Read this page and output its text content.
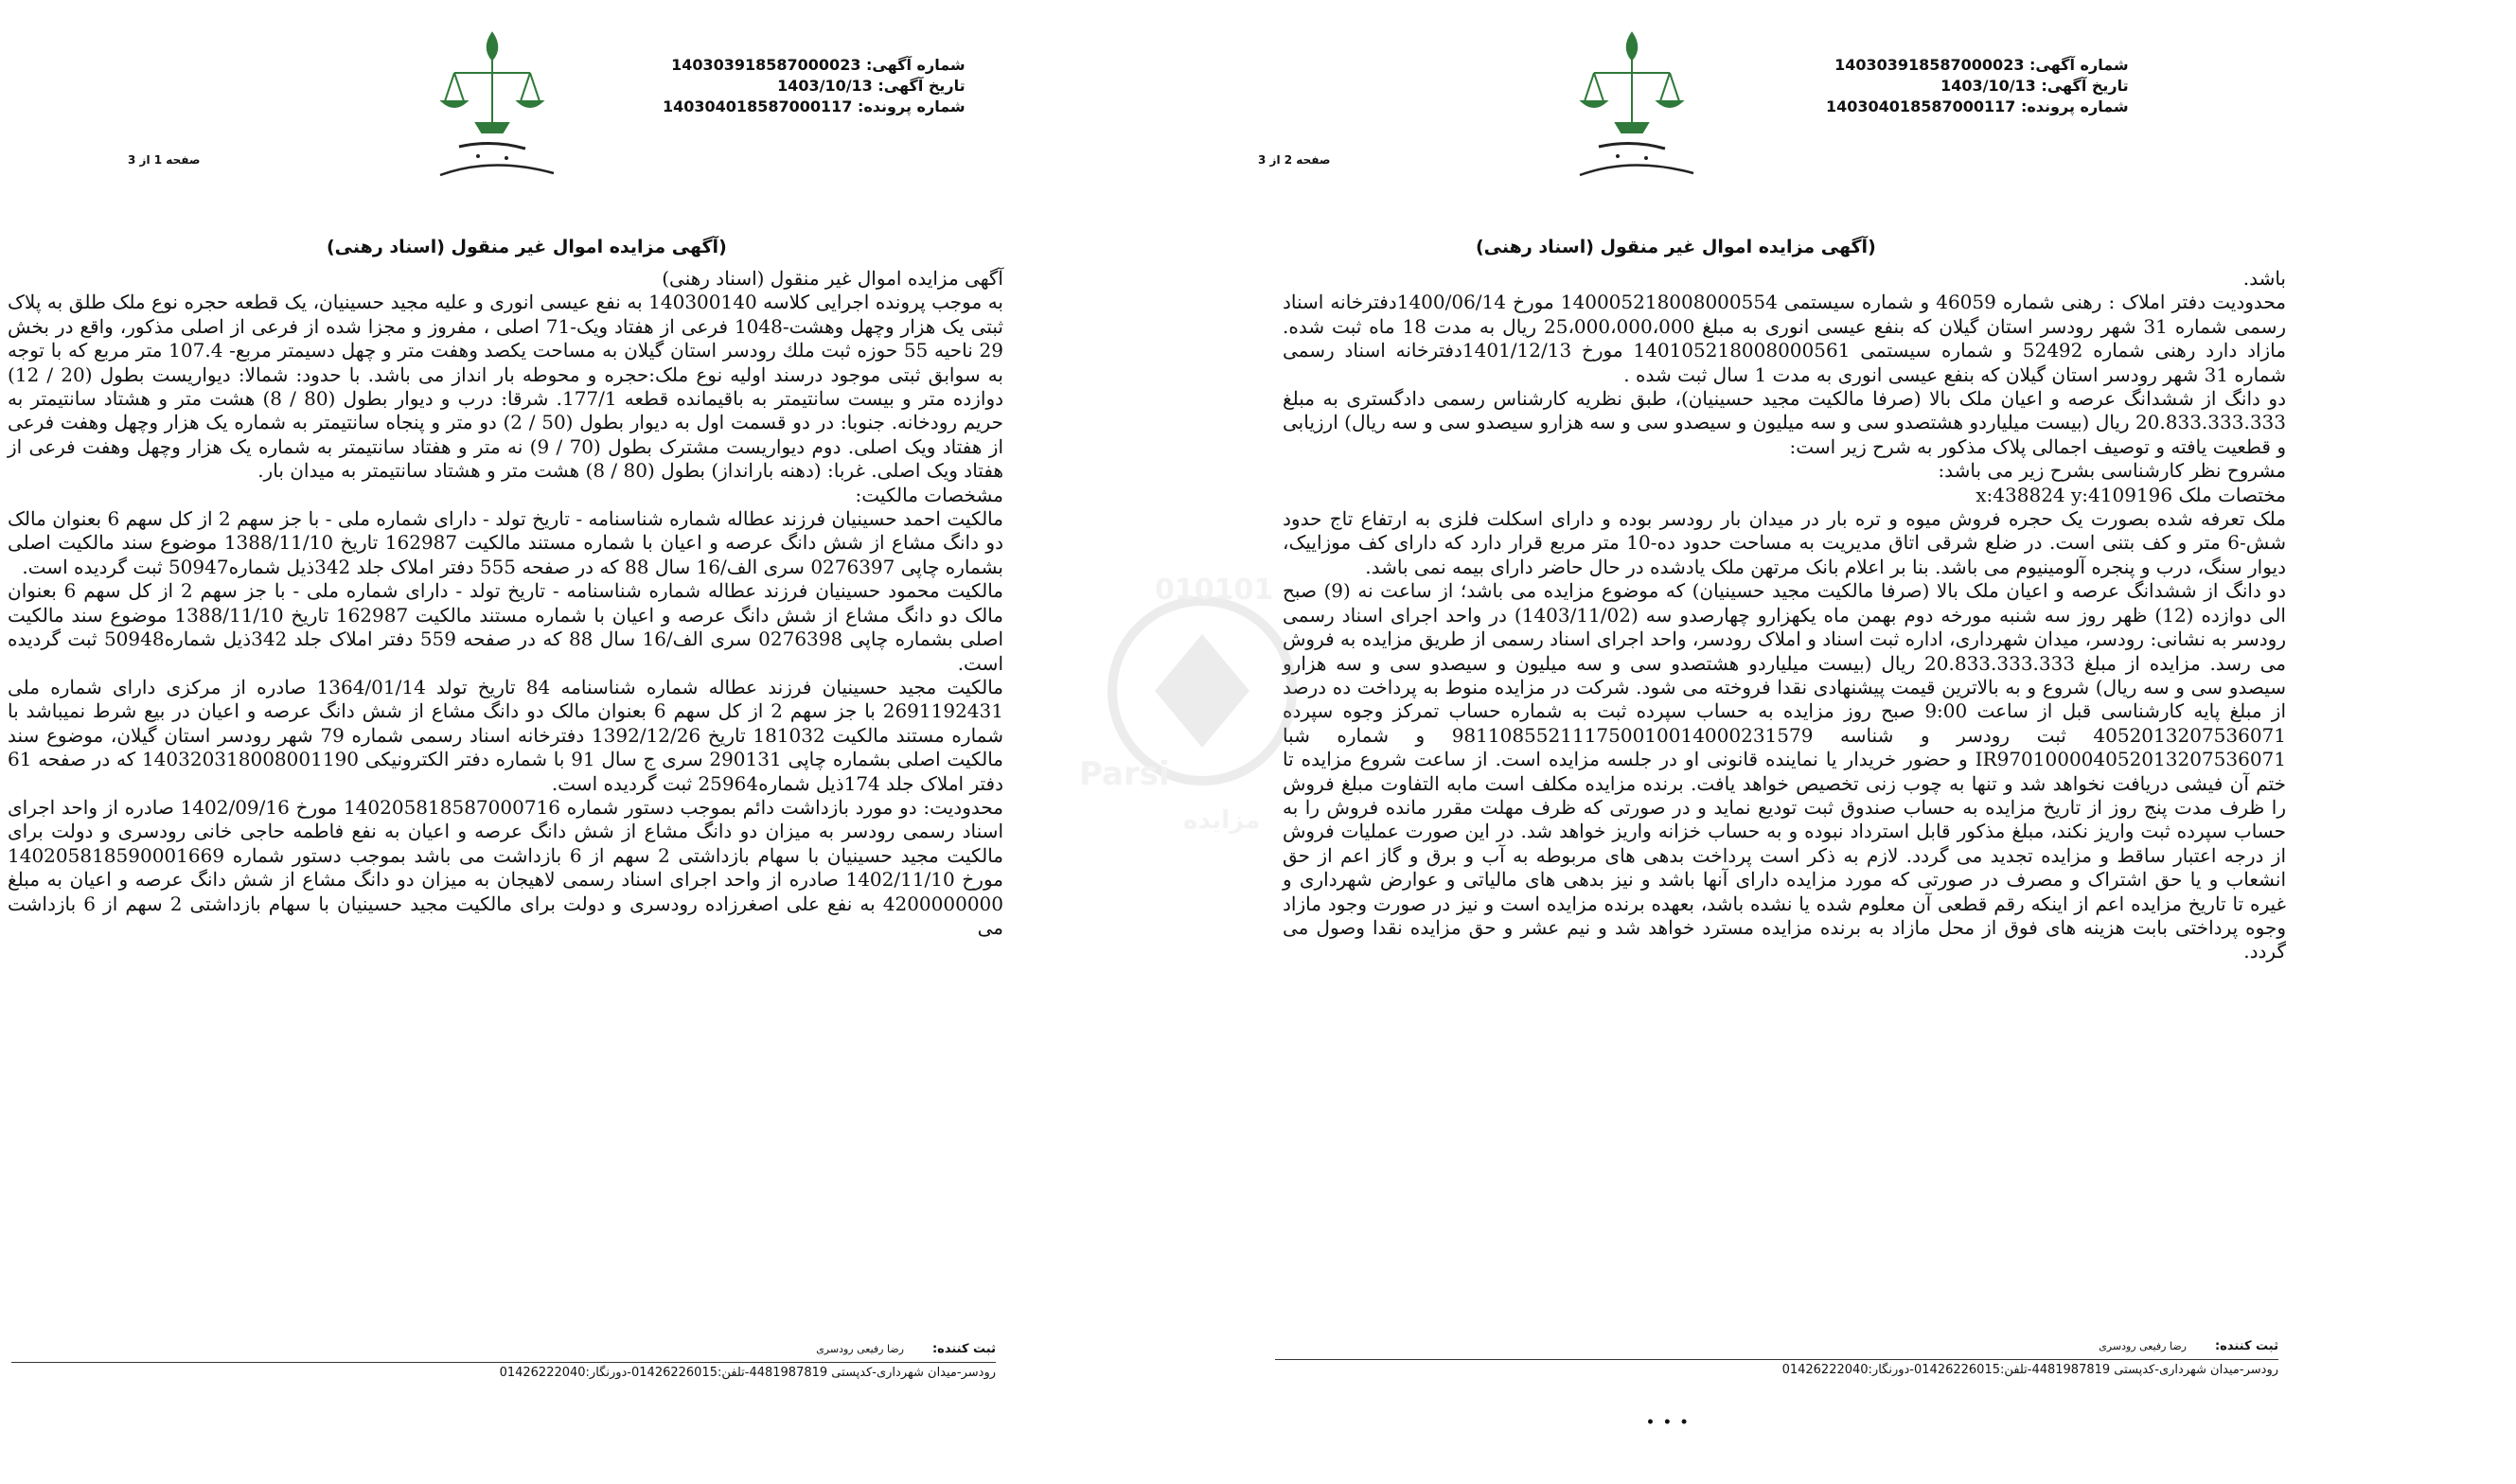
شماره آگهی: 140303918587000023
تاریخ آگهی: 1403/10/13
شماره پرونده: 140304018587000117
صفحه 1 از 3
(آگهی مزایده اموال غیر منقول (اسناد رهنی)

آگهی مزایده اموال غیر منقول (اسناد رهنی)

به موجب پرونده اجرایی کلاسه 140300140 به نفع عیسی انوری و علیه مجید حسینیان، یک قطعه حجره نوع ملک طلق به پلاک ثبتی یک هزار وچهل وهشت-1048 فرعی از هفتاد ویک-71 اصلی ، مفروز و مجزا شده از فرعی از اصلی مذکور، واقع در بخش 29 ناحیه 55 حوزه ثبت ملك رودسر استان گیلان به مساحت یکصد وهفت متر و چهل دسیمتر مربع- 107.4 متر مربع که با توجه به سوابق ثبتی موجود درسند اولیه نوع ملک:حجره و محوطه بار انداز می باشد. با حدود: شمالا: دیواریست بطول (20 / 12) دوازده متر و بیست سانتیمتر به باقیمانده قطعه 177/1. شرقا: درب و دیوار بطول (80 / 8) هشت متر و هشتاد سانتیمتر به حریم رودخانه. جنوبا: در دو قسمت اول به دیوار بطول (50 / 2) دو متر و پنجاه سانتیمتر به شماره یک هزار وچهل وهفت فرعی از هفتاد ویک اصلی. دوم دیواریست مشترک بطول (70 / 9) نه متر و هفتاد سانتیمتر به شماره یک هزار وچهل وهفت فرعی از هفتاد ویک اصلی. غربا: (دهنه بارانداز) بطول (80 / 8) هشت متر و هشتاد سانتیمتر به میدان بار.

مشخصات مالکیت:

مالکیت احمد حسینیان فرزند عطاله شماره شناسنامه - تاریخ تولد - دارای شماره ملی - با جز سهم 2 از کل سهم 6 بعنوان مالک دو دانگ مشاع از شش دانگ عرصه و اعیان با شماره مستند مالکیت 162987 تاریخ 1388/11/10 موضوع سند مالکیت اصلی بشماره چاپی 0276397 سری الف/16 سال 88 که در صفحه 555 دفتر املاک جلد 342ذیل شماره50947 ثبت گردیده است.

مالکیت محمود حسینیان فرزند عطاله شماره شناسنامه - تاریخ تولد - دارای شماره ملی - با جز سهم 2 از کل سهم 6 بعنوان مالک دو دانگ مشاع از شش دانگ عرصه و اعیان با شماره مستند مالکیت 162987 تاریخ 1388/11/10 موضوع سند مالکیت اصلی بشماره چاپی 0276398 سری الف/16 سال 88 که در صفحه 559 دفتر املاک جلد 342ذیل شماره50948 ثبت گردیده است.

مالکیت مجید حسینیان فرزند عطاله شماره شناسنامه 84 تاریخ تولد 1364/01/14 صادره از مرکزی دارای شماره ملی 2691192431 با جز سهم 2 از کل سهم 6 بعنوان مالک دو دانگ مشاع از شش دانگ عرصه و اعیان در بیع شرط نمیباشد با شماره مستند مالکیت 181032 تاریخ 1392/12/26 دفترخانه اسناد رسمی شماره 79 شهر رودسر استان گیلان، موضوع سند مالکیت اصلی بشماره چاپی 290131 سری ج سال 91 با شماره دفتر الکترونیکی 140320318008001190 که در صفحه 61 دفتر املاک جلد 174ذیل شماره25964 ثبت گردیده است.

محدودیت: دو مورد بازداشت دائم بموجب دستور شماره 140205818587000716 مورخ 1402/09/16 صادره از واحد اجرای اسناد رسمی رودسر به میزان دو دانگ مشاع از شش دانگ عرصه و اعیان به نفع فاطمه حاجی خانی رودسری و دولت برای مالکیت مجید حسینیان با سهام بازداشتی 2 سهم از 6 بازداشت می باشد بموجب دستور شماره 140205818590001669 مورخ 1402/11/10 صادره از واحد اجرای اسناد رسمی لاهیجان به میزان دو دانگ مشاع از شش دانگ عرصه و اعیان به مبلغ 4200000000 به نفع علی اصغرزاده رودسری و دولت برای مالکیت مجید حسینیان با سهام بازداشتی 2 سهم از 6 بازداشت می

ثبت کننده:
رضا رفیعی رودسری
رودسر-میدان شهرداری-کدپستی 4481987819-تلفن:01426226015-دورنگار:01426222040
شماره آگهی: 140303918587000023
تاریخ آگهی: 1403/10/13
شماره پرونده: 140304018587000117
صفحه 2 از 3
(آگهی مزایده اموال غیر منقول (اسناد رهنی)

باشد.

محدودیت دفتر املاک : رهنی شماره 46059 و شماره سیستمی 140005218008000554 مورخ 1400/06/14دفترخانه اسناد رسمی شماره 31 شهر رودسر استان گیلان که بنفع عیسی انوری به مبلغ 25،000،000،000 ریال به مدت 18 ماه ثبت شده. مازاد دارد رهنی شماره 52492 و شماره سیستمی 140105218008000561 مورخ 1401/12/13دفترخانه اسناد رسمی شماره 31 شهر رودسر استان گیلان که بنفع عیسی انوری به مدت 1 سال ثبت شده .

دو دانگ از ششدانگ عرصه و اعیان ملک بالا (صرفا مالکیت مجید حسینیان)، طبق نظریه کارشناس رسمی دادگستری به مبلغ 20.833.333.333 ریال (بیست میلیاردو هشتصدو سی و سه میلیون و سیصدو سی و سه هزارو سیصدو سی و سه ریال) ارزیابی و قطعیت یافته و توصیف اجمالی پلاک مذکور به شرح زیر است:

مشروح نظر کارشناسی بشرح زیر می باشد:

مختصات ملک x:438824 y:4109196

ملک تعرفه شده بصورت یک حجره فروش میوه و تره بار در میدان بار رودسر بوده و دارای اسکلت فلزی به ارتفاع تاج حدود شش-6 متر و کف بتنی است. در ضلع شرقی اتاق مدیریت به مساحت حدود ده-10 متر مربع قرار دارد که دارای کف موزاییک، دیوار سنگ، درب و پنجره آلومینیوم می باشد. بنا بر اعلام بانک مرتهن ملک یادشده در حال حاضر دارای بیمه نمی باشد.

دو دانگ از ششدانگ عرصه و اعیان ملک بالا (صرفا مالکیت مجید حسینیان) که موضوع مزایده می باشد؛ از ساعت نه (9) صبح الی دوازده (12) ظهر روز سه شنبه مورخه دوم بهمن ماه یکهزارو چهارصدو سه (1403/11/02) در واحد اجرای اسناد رسمی رودسر به نشانی: رودسر، میدان شهرداری، اداره ثبت اسناد و املاک رودسر، واحد اجرای اسناد رسمی از طریق مزایده به فروش می رسد. مزایده از مبلغ 20.833.333.333 ریال (بیست میلیاردو هشتصدو سی و سه میلیون و سیصدو سی و سه هزارو سیصدو سی و سه ریال) شروع و به بالاترین قیمت پیشنهادی نقدا فروخته می شود. شرکت در مزایده منوط به پرداخت ده درصد از مبلغ پایه کارشناسی قبل از ساعت 9:00 صبح روز مزایده به حساب سپرده ثبت به شماره حساب تمرکز وجوه سپرده 4052013207536071 ثبت رودسر و شناسه 981108552111750010014000231579 و شماره شبا IR970100004052013207536071 و حضور خریدار یا نماینده قانونی او در جلسه مزایده است. از ساعت شروع مزایده تا ختم آن فیشی دریافت نخواهد شد و تنها به چوب زنی تخصیص خواهد یافت. برنده مزایده مکلف است مابه التفاوت مبلغ فروش را ظرف مدت پنج روز از تاریخ مزایده به حساب صندوق ثبت تودیع نماید و در صورتی که ظرف مهلت مقرر مانده فروش را به حساب سپرده ثبت واریز نکند، مبلغ مذکور قابل استرداد نبوده و به حساب خزانه واریز خواهد شد. در این صورت عملیات فروش از درجه اعتبار ساقط و مزایده تجدید می گردد. لازم به ذکر است پرداخت بدهی های مربوطه به آب و برق و گاز اعم از حق انشعاب و یا حق اشتراک و مصرف در صورتی که مورد مزایده دارای آنها باشد و نیز بدهی های مالیاتی و عوارض شهرداری و غیره تا تاریخ مزایده اعم از اینکه رقم قطعی آن معلوم شده یا نشده باشد، بعهده برنده مزایده است و نیز در صورت وجود مازاد وجوه پرداختی بابت هزینه های فوق از محل مازاد به برنده مزایده مسترد خواهد شد و نیم عشر و حق مزایده نقدا وصول می گردد.

ثبت کننده:
رضا رفیعی رودسری
رودسر-میدان شهرداری-کدپستی 4481987819-تلفن:01426226015-دورنگار:01426222040
• • •
010101
Parsi
مزایده
